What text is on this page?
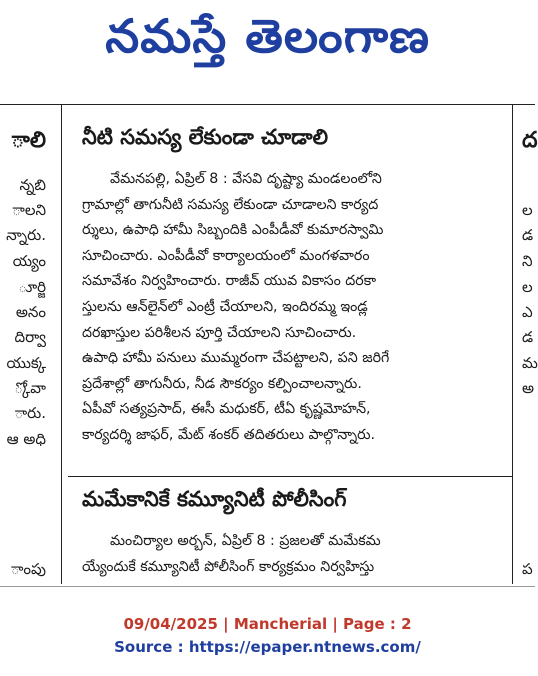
నమస్తే తెలంగాణ
ాలి
న్నబి
ాలని
న్నారు.
య్యం
ూర్జి
అనం
దిర్వా
యుక్క
్కోవా
ారు.
ఆ అధి
ాంపు
ద
ల
డ
ని
ల
ఎ
డ
మ
అ
ప
నీటి సమస్య లేకుండా చూడాలి
వేమనపల్లి, ఏప్రిల్ 8 : వేసవి దృష్ట్యా మండలంలోని
గ్రామాల్లో తాగునీటి సమస్య లేకుండా చూడాలని కార్యద
ర్శులు, ఉపాధి హామీ సిబ్బందికి ఎంపీడీవో కుమారస్వామి
సూచించారు. ఎంపీడీవో కార్యాలయంలో మంగళవారం
సమావేశం నిర్వహించారు. రాజీవ్ యువ వికాసం దరకా
స్తులను ఆన్‌లైన్‌లో ఎంట్రీ చేయాలని, ఇందిరమ్మ ఇండ్ల
దరఖాస్తుల పరిశీలన పూర్తి చేయాలని సూచించారు.
ఉపాధి హామీ పనులు ముమ్మరంగా చేపట్టాలని, పని జరిగే
ప్రదేశాల్లో తాగునీరు, నీడ సౌకర్యం కల్పించాలన్నారు.
ఏపీవో సత్యప్రసాద్, ఈసీ మధుకర్, టీఏ కృష్ణమోహన్,
కార్యదర్శి జాఫర్, మేట్ శంకర్ తదితరులు పాల్గొన్నారు.
మమేకానికే కమ్యూనిటీ పోలీసింగ్
మంచిర్యాల అర్బన్, ఏప్రిల్ 8 : ప్రజలతో మమేకమ
య్యేందుకే కమ్యూనిటీ పోలీసింగ్ కార్యక్రమం నిర్వహిస్తు
09/04/2025 | Mancherial | Page : 2
Source : https://epaper.ntnews.com/
